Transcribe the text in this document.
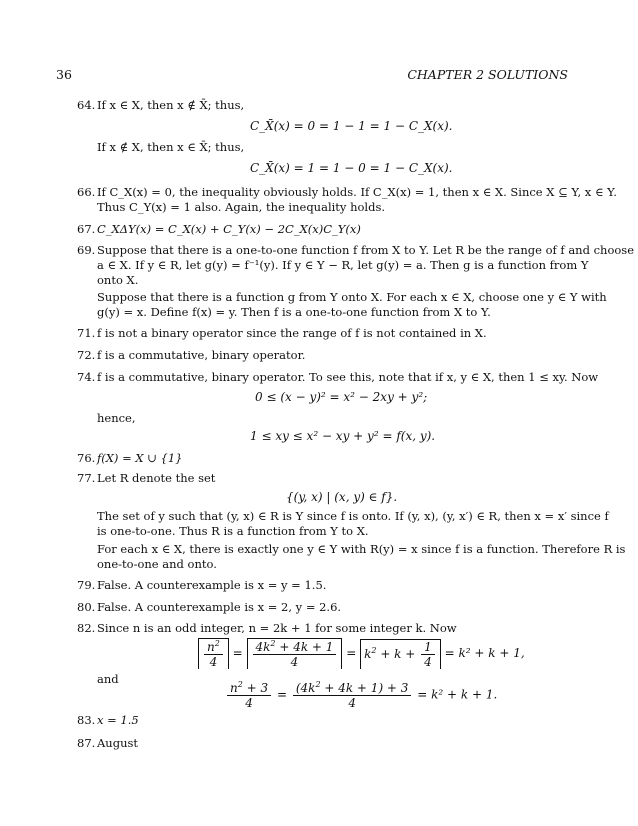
36	CHAPTER 2 SOLUTIONS
64. If x ∈ X, then x ∉ X̄; thus,
C_X̄(x) = 0 = 1 − 1 = 1 − C_X(x).
If x ∉ X, then x ∈ X̄; thus,
C_X̄(x) = 1 = 1 − 0 = 1 − C_X(x).
66. If C_X(x) = 0, the inequality obviously holds. If C_X(x) = 1, then x ∈ X. Since X ⊆ Y, x ∈ Y.
Thus C_Y(x) = 1 also. Again, the inequality holds.
67. C_XΔY(x) = C_X(x) + C_Y(x) − 2C_X(x)C_Y(x)
69. Suppose that there is a one-to-one function f from X to Y. Let R be the range of f and choose
a ∈ X. If y ∈ R, let g(y) = f⁻¹(y). If y ∈ Y − R, let g(y) = a. Then g is a function from Y
onto X.
Suppose that there is a function g from Y onto X. For each x ∈ X, choose one y ∈ Y with
g(y) = x. Define f(x) = y. Then f is a one-to-one function from X to Y.
71. f is not a binary operator since the range of f is not contained in X.
72. f is a commutative, binary operator.
74. f is a commutative, binary operator. To see this, note that if x, y ∈ X, then 1 ≤ xy. Now
0 ≤ (x − y)² = x² − 2xy + y²;
hence,
1 ≤ xy ≤ x² − xy + y² = f(x, y).
76. f(X) = X ∪ {1}
77. Let R denote the set
{(y, x) | (x, y) ∈ f}.
The set of y such that (y, x) ∈ R is Y since f is onto. If (y, x), (y, x′) ∈ R, then x = x′ since f
is one-to-one. Thus R is a function from Y to X.
For each x ∈ X, there is exactly one y ∈ Y with R(y) = x since f is a function. Therefore R is
one-to-one and onto.
79. False. A counterexample is x = y = 1.5.
80. False. A counterexample is x = 2, y = 2.6.
82. Since n is an odd integer, n = 2k + 1 for some integer k. Now
$\frac{n^2}{4} = \frac{4k^2 + 4k + 1}{4} = k^2 + k + \frac{1}{4} = k^2 + k + 1$,
and
$\frac{n^2 + 3}{4} = \frac{(4k^2 + 4k + 1) + 3}{4} = k^2 + k + 1$.
83. x = 1.5
87. August
